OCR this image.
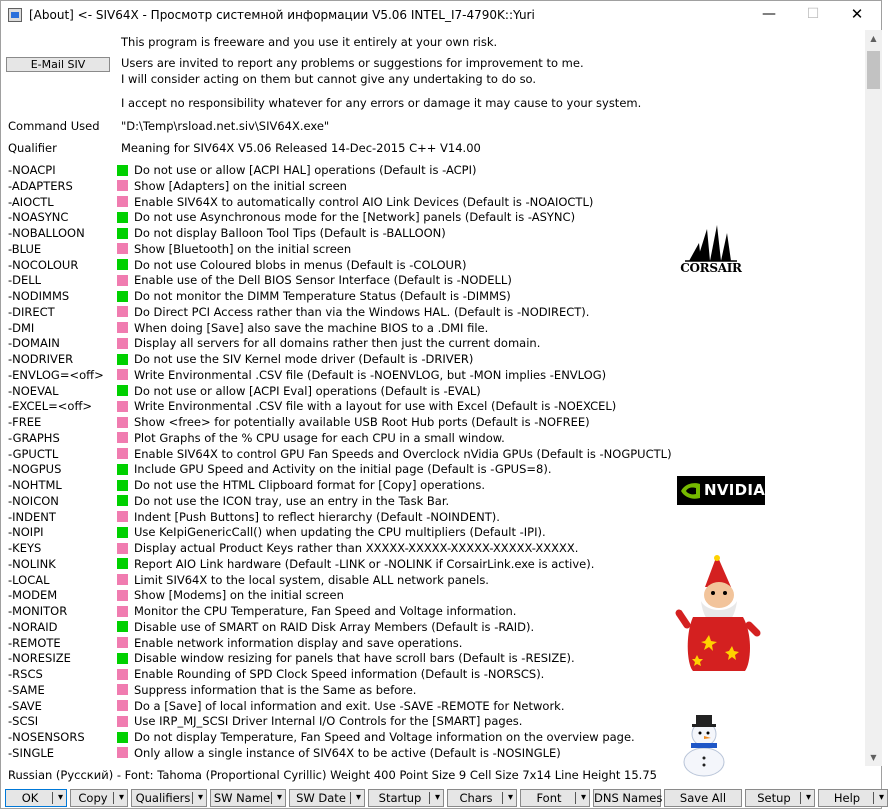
[About] <- SIV64X - Просмотр системной информации V5.06 INTEL_I7-4790K::Yuri	—	☐	✕
This program is freeware and you use it entirely at your own risk.
E-Mail SIV	Users are invited to report any problems or suggestions for improvement to me.
I will consider acting on them but cannot give any undertaking to do so.
I accept no responsibility whatever for any errors or damage it may cause to your system.
Command Used "D:\Temp\rsload.net.siv\SIV64X.exe"
Qualifier	Meaning for SIV64X V5.06 Released 14-Dec-2015 C++ V14.00
-NOACPI	Do not use or allow [ACPI HAL] operations (Default is -ACPI)
-ADAPTERS	Show [Adapters] on the initial screen
-AIOCTL	Enable SIV64X to automatically control AIO Link Devices (Default is -NOAIOCTL)
-NOASYNC	Do not use Asynchronous mode for the [Network] panels (Default is -ASYNC)
-NOBALLOON	Do not display Balloon Tool Tips (Default is -BALLOON)
-BLUE	Show [Bluetooth] on the initial screen
-NOCOLOUR	Do not use Coloured blobs in menus (Default is -COLOUR)
-DELL	Enable use of the Dell BIOS Sensor Interface (Default is -NODELL)
-NODIMMS	Do not monitor the DIMM Temperature Status (Default is -DIMMS)
-DIRECT	Do Direct PCI Access rather than via the Windows HAL. (Default is -NODIRECT).
-DMI	When doing [Save] also save the machine BIOS to a .DMI file.
-DOMAIN	Display all servers for all domains rather then just the current domain.
-NODRIVER	Do not use the SIV Kernel mode driver (Default is -DRIVER)
-ENVLOG=<off>	Write Environmental .CSV file (Default is -NOENVLOG, but -MON implies -ENVLOG)
-NOEVAL	Do not use or allow [ACPI Eval] operations (Default is -EVAL)
-EXCEL=<off>	Write Environmental .CSV file with a layout for use with Excel (Default is -NOEXCEL)
-FREE	Show <free> for potentially available USB Root Hub ports (Default is -NOFREE)
-GRAPHS	Plot Graphs of the % CPU usage for each CPU in a small window.
-GPUCTL	Enable SIV64X to control GPU Fan Speeds and Overclock nVidia GPUs (Default is -NOGPUCTL)
-NOGPUS	Include GPU Speed and Activity on the initial page (Default is -GPUS=8).
-NOHTML	Do not use the HTML Clipboard format for [Copy] operations.
-NOICON	Do not use the ICON tray, use an entry in the Task Bar.
-INDENT	Indent [Push Buttons] to reflect hierarchy (Default -NOINDENT).
-NOIPI	Use KeIpiGenericCall() when updating the CPU multipliers (Default -IPI).
-KEYS	Display actual Product Keys rather than XXXXX-XXXXX-XXXXX-XXXXX-XXXXX.
-NOLINK	Report AIO Link hardware (Default -LINK or -NOLINK if CorsairLink.exe is active).
-LOCAL	Limit SIV64X to the local system, disable ALL network panels.
-MODEM	Show [Modems] on the initial screen
-MONITOR	Monitor the CPU Temperature, Fan Speed and Voltage information.
-NORAID	Disable use of SMART on RAID Disk Array Members (Default is -RAID).
-REMOTE	Enable network information display and save operations.
-NORESIZE	Disable window resizing for panels that have scroll bars (Default is -RESIZE).
-RSCS	Enable Rounding of SPD Clock Speed information (Default is -NORSCS).
-SAME	Suppress information that is the Same as before.
-SAVE	Do a [Save] of local information and exit. Use -SAVE -REMOTE for Network.
-SCSI	Use IRP_MJ_SCSI Driver Internal I/O Controls for the [SMART] pages.
-NOSENSORS	Do not display Temperature, Fan Speed and Voltage information on the overview page.
-SINGLE	Only allow a single instance of SIV64X to be active (Default is -NOSINGLE)
CORSAIR
NVIDIA
▲
▼
Russian (Русский) - Font: Tahoma (Proportional Cyrillic) Weight 400 Point Size 9 Cell Size 7x14 Line Height 15.75
OK ▾	Copy ▾	Qualifiers ▾ SW Name ▾	SW Date ▾	Startup ▾	Chars ▾	Font ▾ DNS Names	Save All	Setup ▾	Help ▾
